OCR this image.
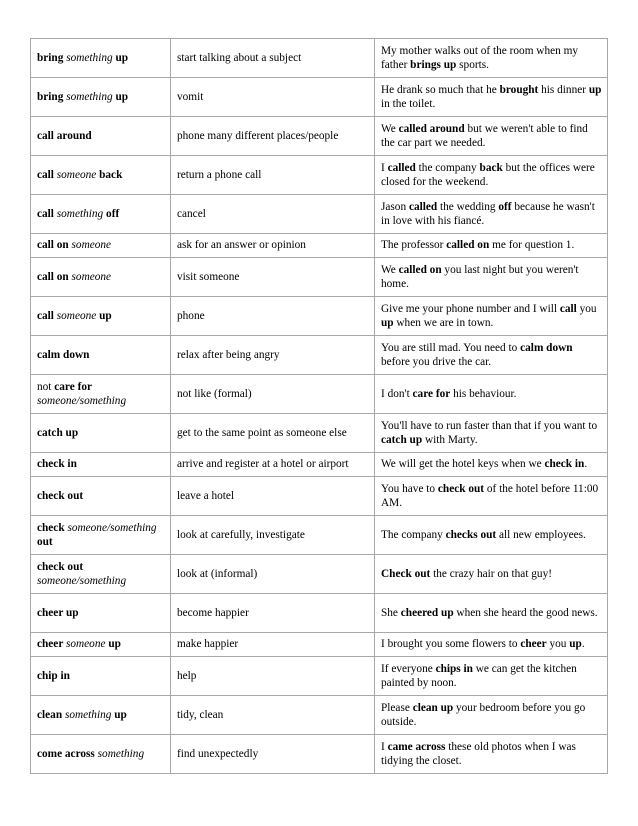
bring something up	start talking about a subject	My mother walks out of the room when my father brings up sports.
bring something up	vomit	He drank so much that he brought his dinner up in the toilet.
call around	phone many different places/people	We called around but we weren't able to find the car part we needed.
call someone back	return a phone call	I called the company back but the offices were closed for the weekend.
call something off	cancel	Jason called the wedding off because he wasn't in love with his fiancé.
call on someone	ask for an answer or opinion	The professor called on me for question 1.
call on someone	visit someone	We called on you last night but you weren't home.
call someone up	phone	Give me your phone number and I will call you up when we are in town.
calm down	relax after being angry	You are still mad. You need to calm down before you drive the car.
not care for someone/something	not like (formal)	I don't care for his behaviour.
catch up	get to the same point as someone else	You'll have to run faster than that if you want to catch up with Marty.
check in	arrive and register at a hotel or airport	We will get the hotel keys when we check in.
check out	leave a hotel	You have to check out of the hotel before 11:00 AM.
check someone/something out	look at carefully, investigate	The company checks out all new employees.
check out someone/something	look at (informal)	Check out the crazy hair on that guy!
cheer up	become happier	She cheered up when she heard the good news.
cheer someone up	make happier	I brought you some flowers to cheer you up.
chip in	help	If everyone chips in we can get the kitchen painted by noon.
clean something up	tidy, clean	Please clean up your bedroom before you go outside.
come across something	find unexpectedly	I came across these old photos when I was tidying the closet.
